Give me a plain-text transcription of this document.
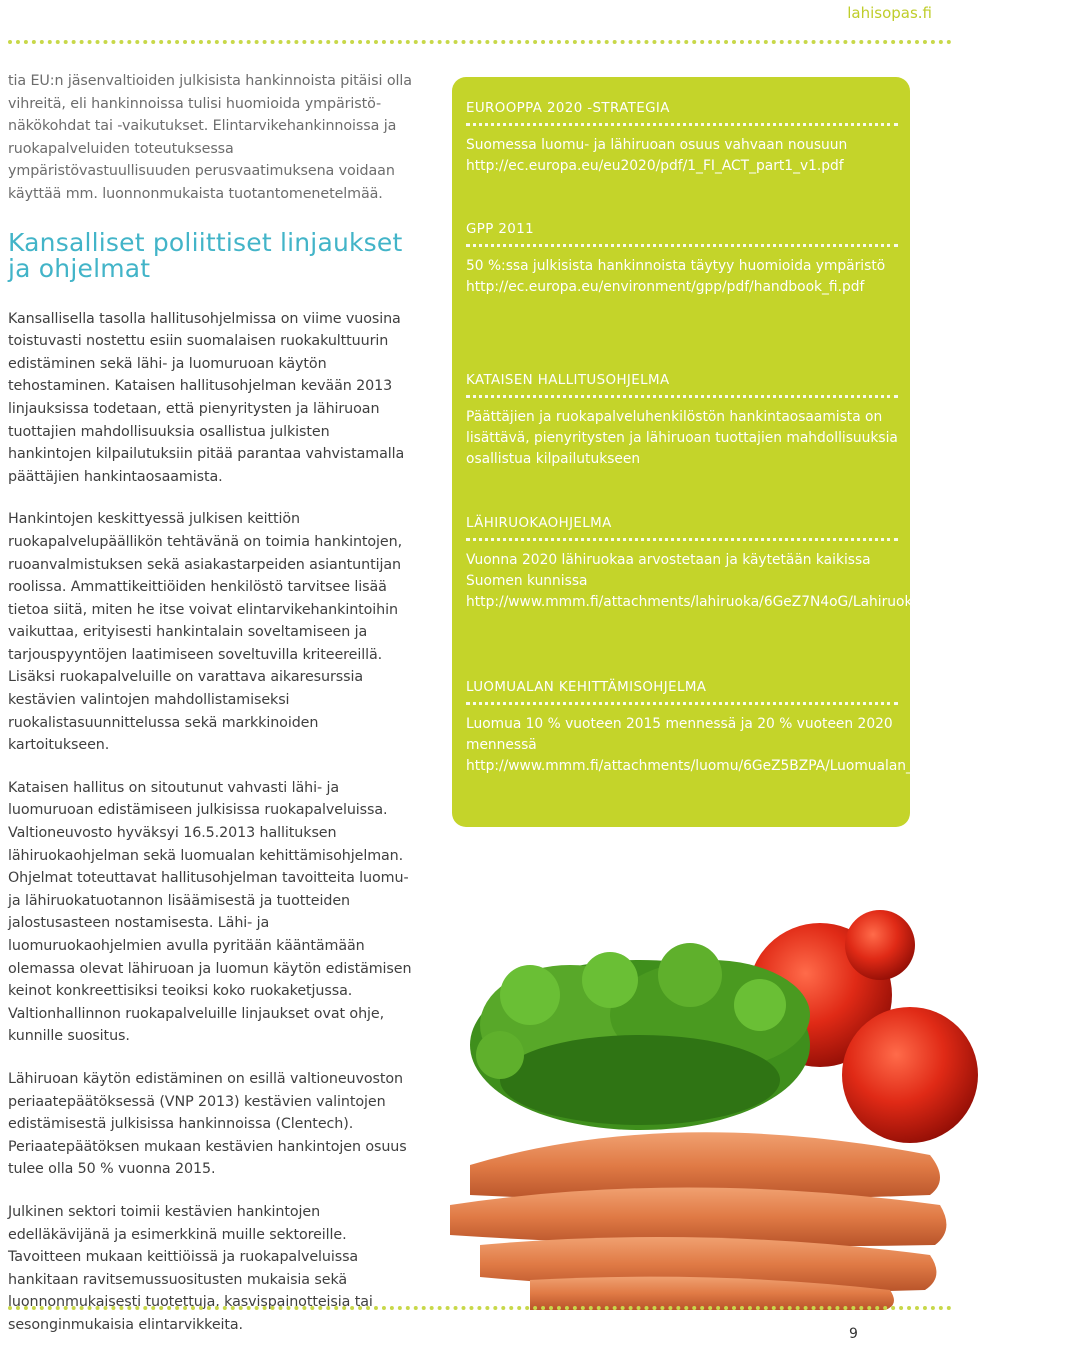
lahisopas.fi

tia EU:n jäsenvaltioiden julkisista hankinnoista pitäisi olla vihreitä, eli hankinnoissa tulisi huomioida ympäristö-näkökohdat tai -vaikutukset. Elintarvikehankinnoissa ja ruokapalveluiden toteutuksessa ympäristövastuullisuuden perusvaatimuksena voidaan käyttää mm. luonnonmukaista tuotantomenetelmää.

Kansalliset poliittiset linjaukset ja ohjelmat

Kansallisella tasolla hallitusohjelmissa on viime vuosina toistuvasti nostettu esiin suomalaisen ruokakulttuurin edistäminen sekä lähi- ja luomuruoan käytön tehostaminen. Kataisen hallitusohjelman kevään 2013 linjauksissa todetaan, että pienyritysten ja lähiruoan tuottajien mahdollisuuksia osallistua julkisten hankintojen kilpailutuksiin pitää parantaa vahvistamalla päättäjien hankintaosaamista.

Hankintojen keskittyessä julkisen keittiön ruokapalvelupäällikön tehtävänä on toimia hankintojen, ruoanvalmistuksen sekä asiakastarpeiden asiantuntijan roolissa. Ammattikeittiöiden henkilöstö tarvitsee lisää tietoa siitä, miten he itse voivat elintarvikehankintoihin vaikuttaa, erityisesti hankintalain soveltamiseen ja tarjouspyyntöjen laatimiseen soveltuvilla kriteereillä. Lisäksi ruokapalveluille on varattava aikaresurssia kestävien valintojen mahdollistamiseksi ruokalistasuunnittelussa sekä markkinoiden kartoitukseen.

Kataisen hallitus on sitoutunut vahvasti lähi- ja luomuruoan edistämiseen julkisissa ruokapalveluissa. Valtioneuvosto hyväksyi 16.5.2013 hallituksen lähiruokaohjelman sekä luomualan kehittämisohjelman. Ohjelmat toteuttavat hallitusohjelman tavoitteita luomu- ja lähiruokatuotannon lisäämisestä ja tuotteiden jalostusasteen nostamisesta. Lähi- ja luomuruokaohjelmien avulla pyritään kääntämään olemassa olevat lähiruoan ja luomun käytön edistämisen keinot konkreettisiksi teoiksi koko ruokaketjussa. Valtionhallinnon ruokapalveluille linjaukset ovat ohje, kunnille suositus.

Lähiruoan käytön edistäminen on esillä valtioneuvoston periaatepäätöksessä (VNP 2013) kestävien valintojen edistämisestä julkisissa hankinnoissa (Clentech). Periaatepäätöksen mukaan kestävien hankintojen osuus tulee olla 50 % vuonna 2015.

Julkinen sektori toimii kestävien hankintojen edelläkävijänä ja esimerkkinä muille sektoreille. Tavoitteen mukaan keittiöissä ja ruokapalveluissa hankitaan ravitsemussuositusten mukaisia sekä luonnonmukaisesti tuotettuja, kasvispainotteisia tai sesonginmukaisia elintarvikkeita.

EUROOPPA 2020 -STRATEGIA

Suomessa luomu- ja lähiruoan osuus vahvaan nousuun http://ec.europa.eu/eu2020/pdf/1_FI_ACT_part1_v1.pdf

GPP 2011

50 %:ssa julkisista hankinnoista täytyy huomioida ympäristö http://ec.europa.eu/environment/gpp/pdf/handbook_fi.pdf

KATAISEN HALLITUSOHJELMA

Päättäjien ja ruokapalveluhenkilöstön hankintaosaamista on lisättävä, pienyritysten ja lähiruoan tuottajien mahdollisuuksia osallistua kilpailutukseen

LÄHIRUOKAOHJELMA

Vuonna 2020 lähiruokaa arvostetaan ja käytetään kaikissa Suomen kunnissa http://www.mmm.fi/attachments/lahiruoka/6GeZ7N4oG/LahiruokaohjelmaFI.pdf

LUOMUALAN KEHITTÄMISOHJELMA

Luomua 10 % vuoteen 2015 mennessä ja 20 % vuoteen 2020 mennessä http://www.mmm.fi/attachments/luomu/6GeZ5BZPA/Luomualan_kehittamisohjelmaFI.pdf

9
